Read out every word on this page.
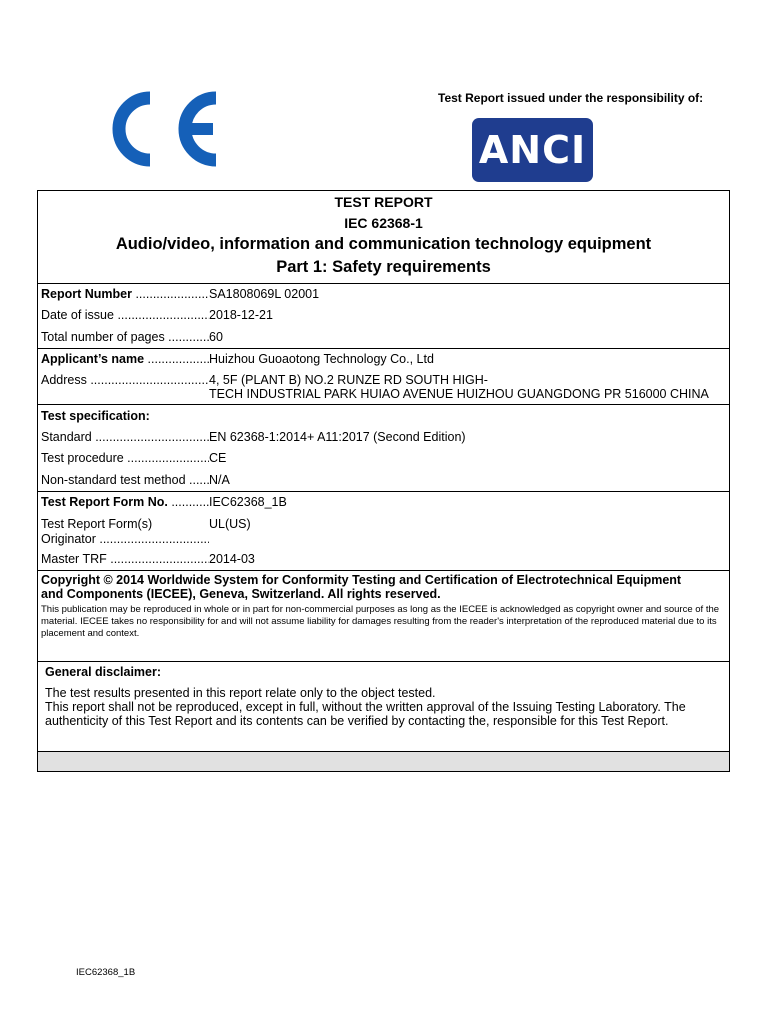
Test Report issued under the responsibility of:
ANCI
TEST REPORT
IEC 62368-1
Audio/video, information and communication technology equipment
Part 1: Safety requirements
Report Number .....	SA1808069L 02001
Date of issue .....	2018-12-21
Total number of pages .....	60
Applicant’s name .....	Huizhou Guoaotong Technology Co., Ltd
Address .....	4, 5F (PLANT B) NO.2 RUNZE RD SOUTH HIGH-
TECH INDUSTRIAL PARK HUIAO AVENUE HUIZHOU GUANGDONG PR 516000 CHINA
Test specification:
Standard .....	EN 62368-1:2014+ A11:2017 (Second Edition)
Test procedure .....	CE
Non-standard test method .....	N/A
Test Report Form No. .....	IEC62368_1B
Test Report Form(s)	UL(US)
Originator .....
Master TRF .....	2014-03
Copyright © 2014 Worldwide System for Conformity Testing and Certification of Electrotechnical Equipment
and Components (IECEE), Geneva, Switzerland. All rights reserved.
This publication may be reproduced in whole or in part for non-commercial purposes as long as the IECEE is acknowledged as copyright owner and source of the material. IECEE takes no responsibility for and will not assume liability for damages resulting from the reader's interpretation of the reproduced material due to its placement and context.
General disclaimer:
The test results presented in this report relate only to the object tested.
This report shall not be reproduced, except in full, without the written approval of the Issuing Testing Laboratory. The authenticity of this Test Report and its contents can be verified by contacting the, responsible for this Test Report.
IEC62368_1B
